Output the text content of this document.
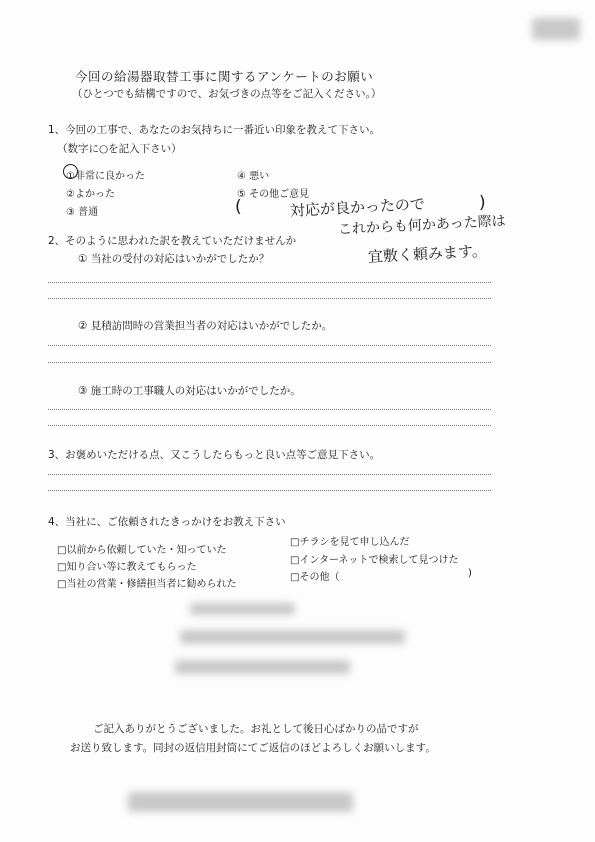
今回の給湯器取替工事に関するアンケートのお願い
（ひとつでも結構ですので、お気づきの点等をご記入ください。）
1、今回の工事で、あなたのお気持ちに一番近い印象を教えて下さい。
（数字に○を記入下さい）
①非常に良かった
②よかった
③ 普通
④ 悪い
⑤ その他ご意見
(	)
対応が良かったので
これからも何かあった際は
宜敷く頼みます。
2、そのように思われた訳を教えていただけませんか
① 当社の受付の対応はいかがでしたか？
② 見積訪問時の営業担当者の対応はいかがでしたか。
③ 施工時の工事職人の対応はいかがでしたか。
3、お褒めいただける点、又こうしたらもっと良い点等ご意見下さい。
4、当社に、ご依頼されたきっかけをお教え下さい
□以前から依頼していた・知っていた
□知り合い等に教えてもらった
□当社の営業・修繕担当者に勧められた
□チラシを見て申し込んだ
□インターネットで検索して見つけた
□その他（	)
ご記入ありがとうございました。お礼として後日心ばかりの品ですが
お送り致します。同封の返信用封筒にてご返信のほどよろしくお願いします。
